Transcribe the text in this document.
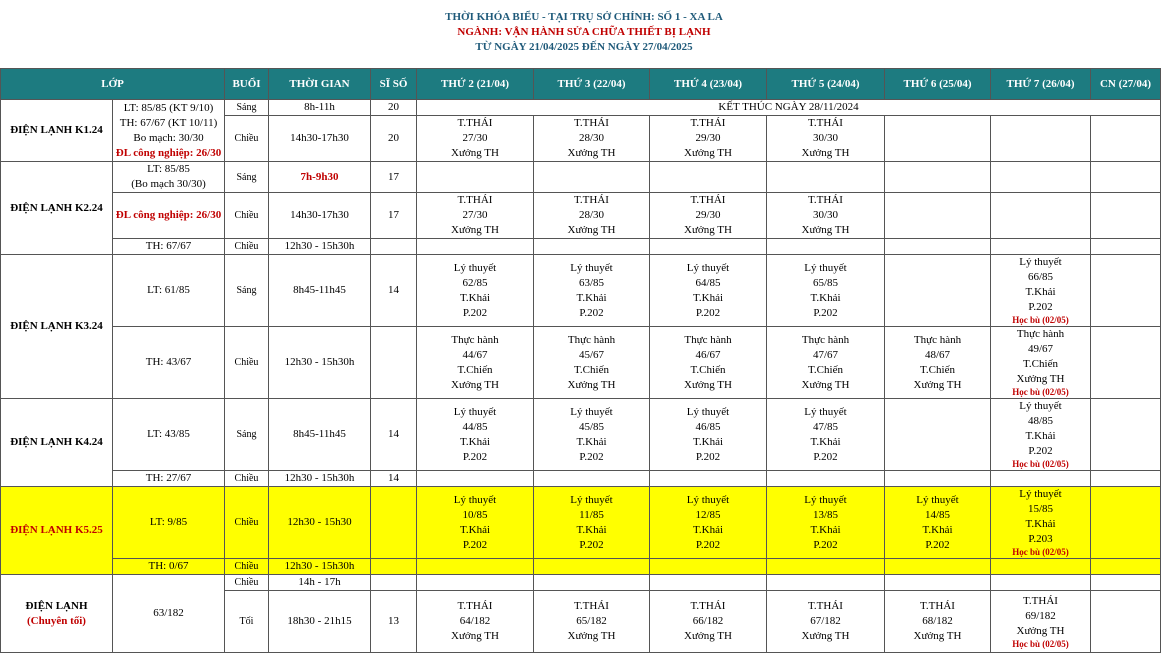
THỜI KHÓA BIỂU - TẠI TRỤ SỞ CHÍNH: SỐ 1 - XA LA
NGÀNH: VẬN HÀNH SỬA CHỮA THIẾT BỊ LẠNH
TỪ NGÀY 21/04/2025 ĐẾN NGÀY 27/04/2025
LỚP		BUỔI	THỜI GIAN	SĨ SỐ	THỨ 2 (21/04)	THỨ 3 (22/04)	THỨ 4 (23/04)	THỨ 5 (24/04)	THỨ 6 (25/04)	THỨ 7 (26/04)	CN (27/04)
ĐIỆN LẠNH K1.24	LT: 85/85 (KT 9/10)
TH: 67/67 (KT 10/11)
Bo mạch: 30/30
ĐL công nghiệp: 26/30	Sáng	8h-11h	20	KẾT THÚC NGÀY 28/11/2024						
		Chiều	14h30-17h30	20	T.THÁI
27/30
Xưởng TH	T.THÁI
28/30
Xưởng TH	T.THÁI
29/30
Xưởng TH	T.THÁI
30/30
Xưởng TH			

ĐIỆN LẠNH K2.24	LT: 85/85
(Bo mạch 30/30)	Sáng	7h-9h30	17							
	ĐL công nghiệp: 26/30	Chiều	14h30-17h30	17	T.THÁI
27/30
Xưởng TH	T.THÁI
28/30
Xưởng TH	T.THÁI
29/30
Xưởng TH	T.THÁI
30/30
Xưởng TH			

	TH: 67/67	Chiều	12h30 - 15h30h								
ĐIỆN LẠNH K3.24	LT: 61/85	Sáng	8h45-11h45	14	Lý thuyết
62/85
T.Khải
P.202	Lý thuyết
63/85
T.Khải
P.202	Lý thuyết
64/85
T.Khải
P.202	Lý thuyết
65/85
T.Khải
P.202		Lý thuyết
66/85
T.Khải
P.202
Học bù (02/05)	

	TH: 43/67	Chiều	12h30 - 15h30h		Thực hành
44/67
T.Chiến
Xưởng TH	Thực hành
45/67
T.Chiến
Xưởng TH	Thực hành
46/67
T.Chiến
Xưởng TH	Thực hành
47/67
T.Chiến
Xưởng TH	Thực hành
48/67
T.Chiến
Xưởng TH	Thực hành
49/67
T.Chiến
Xưởng TH
Học bù (02/05)	

ĐIỆN LẠNH K4.24	LT: 43/85	Sáng	8h45-11h45	14	Lý thuyết
44/85
T.Khải
P.202	Lý thuyết
45/85
T.Khải
P.202	Lý thuyết
46/85
T.Khải
P.202	Lý thuyết
47/85
T.Khải
P.202		Lý thuyết
48/85
T.Khải
P.202
Học bù (02/05)	

	TH: 27/67	Chiều	12h30 - 15h30h	14							
ĐIỆN LẠNH K5.25	LT: 9/85	Chiều	12h30 - 15h30		Lý thuyết
10/85
T.Khải
P.202	Lý thuyết
11/85
T.Khải
P.202	Lý thuyết
12/85
T.Khải
P.202	Lý thuyết
13/85
T.Khải
P.202	Lý thuyết
14/85
T.Khải
P.202	Lý thuyết
15/85
T.Khải
P.203
Học bù (02/05)	

	TH: 0/67	Chiều	12h30 - 15h30h								

ĐIỆN LẠNH
(Chuyên tối)	63/182	Chiều	14h - 17h								
		Tối	18h30 - 21h15	13	T.THÁI
64/182
Xưởng TH	T.THÁI
65/182
Xưởng TH	T.THÁI
66/182
Xưởng TH	T.THÁI
67/182
Xưởng TH	T.THÁI
68/182
Xưởng TH	T.THÁI
69/182
Xưởng TH
Học bù (02/05)	
